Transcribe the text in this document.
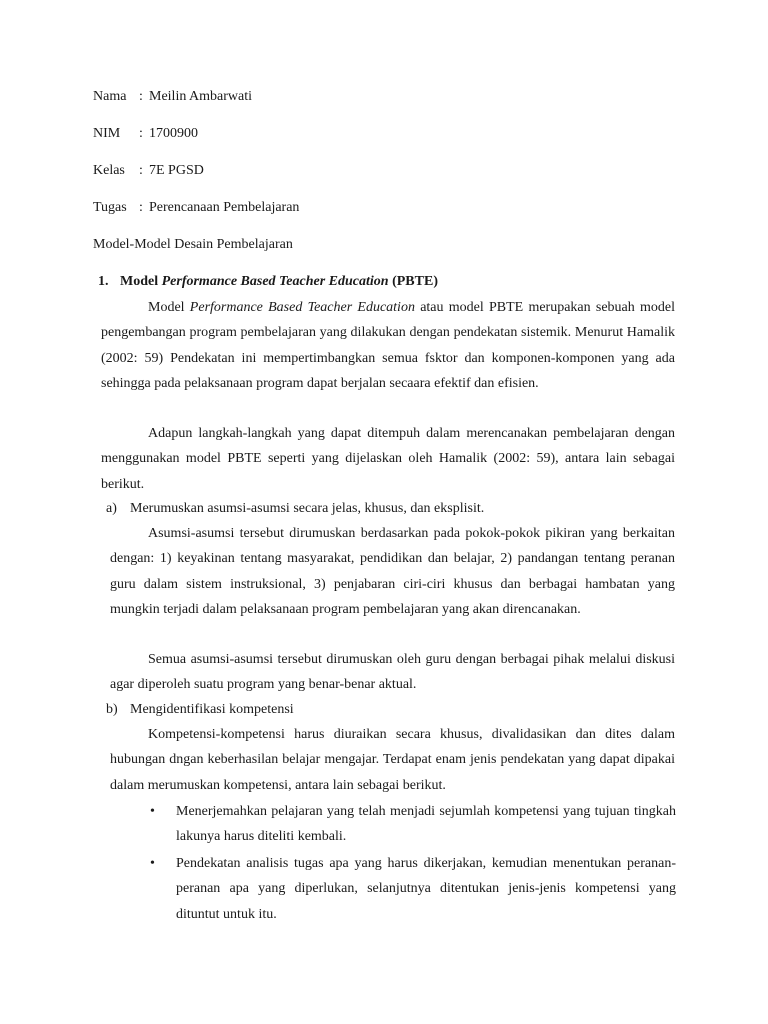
Nama : Meilin Ambarwati
NIM : 1700900
Kelas : 7E PGSD
Tugas : Perencanaan Pembelajaran
Model-Model Desain Pembelajaran
1. Model Performance Based Teacher Education (PBTE)

Model Performance Based Teacher Education atau model PBTE merupakan sebuah model pengembangan program pembelajaran yang dilakukan dengan pendekatan sistemik. Menurut Hamalik (2002: 59) Pendekatan ini mempertimbangkan semua fsktor dan komponen-komponen yang ada sehingga pada pelaksanaan program dapat berjalan secaara efektif dan efisien.

Adapun langkah-langkah yang dapat ditempuh dalam merencanakan pembelajaran dengan menggunakan model PBTE seperti yang dijelaskan oleh Hamalik (2002: 59), antara lain sebagai berikut.

a) Merumuskan asumsi-asumsi secara jelas, khusus, dan eksplisit.

Asumsi-asumsi tersebut dirumuskan berdasarkan pada pokok-pokok pikiran yang berkaitan dengan: 1) keyakinan tentang masyarakat, pendidikan dan belajar, 2) pandangan tentang peranan guru dalam sistem instruksional, 3) penjabaran ciri-ciri khusus dan berbagai hambatan yang mungkin terjadi dalam pelaksanaan program pembelajaran yang akan direncanakan.

Semua asumsi-asumsi tersebut dirumuskan oleh guru dengan berbagai pihak melalui diskusi agar diperoleh suatu program yang benar-benar aktual.

b) Mengidentifikasi kompetensi

Kompetensi-kompetensi harus diuraikan secara khusus, divalidasikan dan dites dalam hubungan dngan keberhasilan belajar mengajar. Terdapat enam jenis pendekatan yang dapat dipakai dalam merumuskan kompetensi, antara lain sebagai berikut.

• Menerjemahkan pelajaran yang telah menjadi sejumlah kompetensi yang tujuan tingkah lakunya harus diteliti kembali.
• Pendekatan analisis tugas apa yang harus dikerjakan, kemudian menentukan peranan-peranan apa yang diperlukan, selanjutnya ditentukan jenis-jenis kompetensi yang dituntut untuk itu.
